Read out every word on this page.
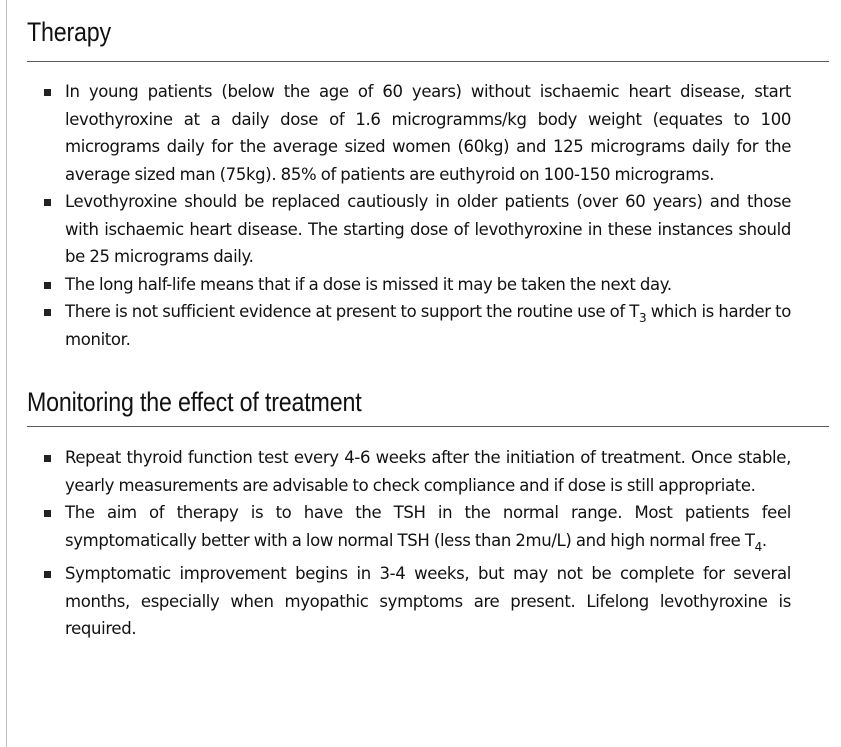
Therapy
In young patients (below the age of 60 years) without ischaemic heart disease, start levothyroxine at a daily dose of 1.6 microgramms/kg body weight (equates to 100 micrograms daily for the average sized women (60kg) and 125 micrograms daily for the average sized man (75kg). 85% of patients are euthyroid on 100-150 micrograms.
Levothyroxine should be replaced cautiously in older patients (over 60 years) and those with ischaemic heart disease. The starting dose of levothyroxine in these instances should be 25 micrograms daily.
The long half-life means that if a dose is missed it may be taken the next day.
There is not sufficient evidence at present to support the routine use of $T_3$ which is harder to monitor.
Monitoring the effect of treatment
Repeat thyroid function test every 4-6 weeks after the initiation of treatment. Once stable, yearly measurements are advisable to check compliance and if dose is still appropriate.
The aim of therapy is to have the TSH in the normal range. Most patients feel symptomatically better with a low normal TSH (less than 2mu/L) and high normal free $T_4$.
Symptomatic improvement begins in 3-4 weeks, but may not be complete for several months, especially when myopathic symptoms are present. Lifelong levothyroxine is required.
